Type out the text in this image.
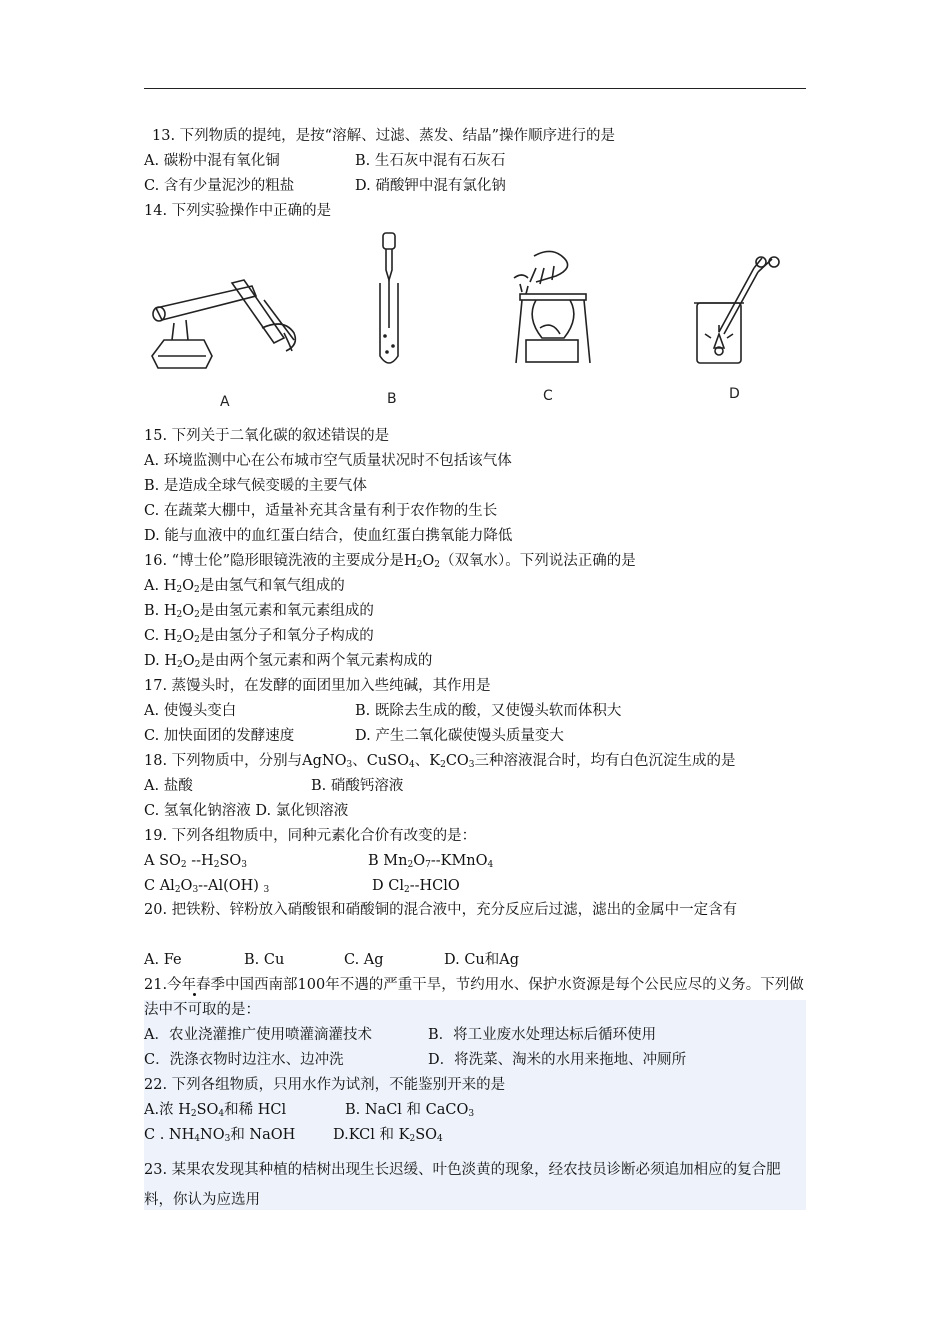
13. 下列物质的提纯，是按“溶解、过滤、蒸发、结晶”操作顺序进行的是
A. 碳粉中混有氧化铜	B. 生石灰中混有石灰石
C. 含有少量泥沙的粗盐	D. 硝酸钾中混有氯化钠
14. 下列实验操作中正确的是
A	B	C	D
15. 下列关于二氧化碳的叙述错误的是
A. 环境监测中心在公布城市空气质量状况时不包括该气体
B. 是造成全球气候变暖的主要气体
C. 在蔬菜大棚中，适量补充其含量有利于农作物的生长
D. 能与血液中的血红蛋白结合，使血红蛋白携氧能力降低
16. “博士伦”隐形眼镜洗液的主要成分是$H_2O_2$（双氧水）。下列说法正确的是
A. $H_2O_2$是由氢气和氧气组成的
B. $H_2O_2$是由氢元素和氧元素组成的
C. $H_2O_2$是由氢分子和氧分子构成的
D. $H_2O_2$是由两个氢元素和两个氧元素构成的
17. 蒸馒头时，在发酵的面团里加入些纯碱，其作用是
A. 使馒头变白	B. 既除去生成的酸，又使馒头软而体积大
C. 加快面团的发酵速度	D. 产生二氧化碳使馒头质量变大
18. 下列物质中，分别与AgNO$_3$、CuSO$_4$、$K_2CO_3$三种溶液混合时，均有白色沉淀生成的是
A. 盐酸	B. 硝酸钙溶液
C. 氢氧化钠溶液 D. 氯化钡溶液
19. 下列各组物质中，同种元素化合价有改变的是：
A $SO_2$ $--H_2SO_3$	B $Mn_2O_7--KMnO_4$
C $Al_2O_3--Al(OH)$ $_3$	D $Cl_2-$-HClO
20. 把铁粉、锌粉放入硝酸银和硝酸铜的混合液中，充分反应后过滤，滤出的金属中一定含有
A. Fe	B. Cu	C. Ag	D. Cu和Ag
21.今年春季中国西南部100年不遇的严重干旱，节约用水、保护水资源是每个公民应尽的义务。下列做法中不可取的是：
A．农业浇灌推广使用喷灌滴灌技术	B．将工业废水处理达标后循环使用
C．洗涤衣物时边注水、边冲洗	D．将洗菜、淘米的水用来拖地、冲厕所
22. 下列各组物质，只用水作为试剂，不能鉴别开来的是
A.浓 $H_2SO_4$和稀 HCl	B. NaCl 和 CaCO$_3$
C . $NH_4NO_3$和 NaOH	D.KCl 和 $K_2SO_4$
23. 某果农发现其种植的桔树出现生长迟缓、叶色淡黄的现象，经农技员诊断必须追加相应的复合肥料，你认为应选用
